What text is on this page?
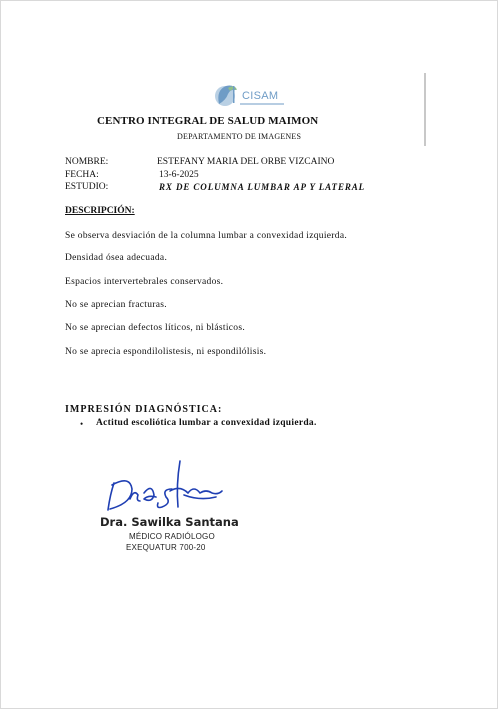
CISAM
CENTRO INTEGRAL DE SALUD MAIMON
DEPARTAMENTO DE IMAGENES
NOMBRE:	ESTEFANY MARIA DEL ORBE VIZCAINO
FECHA:	13-6-2025
ESTUDIO:	RX DE COLUMNA LUMBAR AP Y LATERAL
DESCRIPCIÓN:
Se observa desviación de la columna lumbar a convexidad izquierda.
Densidad ósea adecuada.
Espacios intervertebrales conservados.
No se aprecian fracturas.
No se aprecian defectos líticos, ni blásticos.
No se aprecia espondilolistesis, ni espondilólisis.
IMPRESIÓN DIAGNÓSTICA:
• Actitud escoliótica lumbar a convexidad izquierda.
Dra. Sawilka Santana
MÉDICO RADIÓLOGO
EXEQUATUR 700-20
